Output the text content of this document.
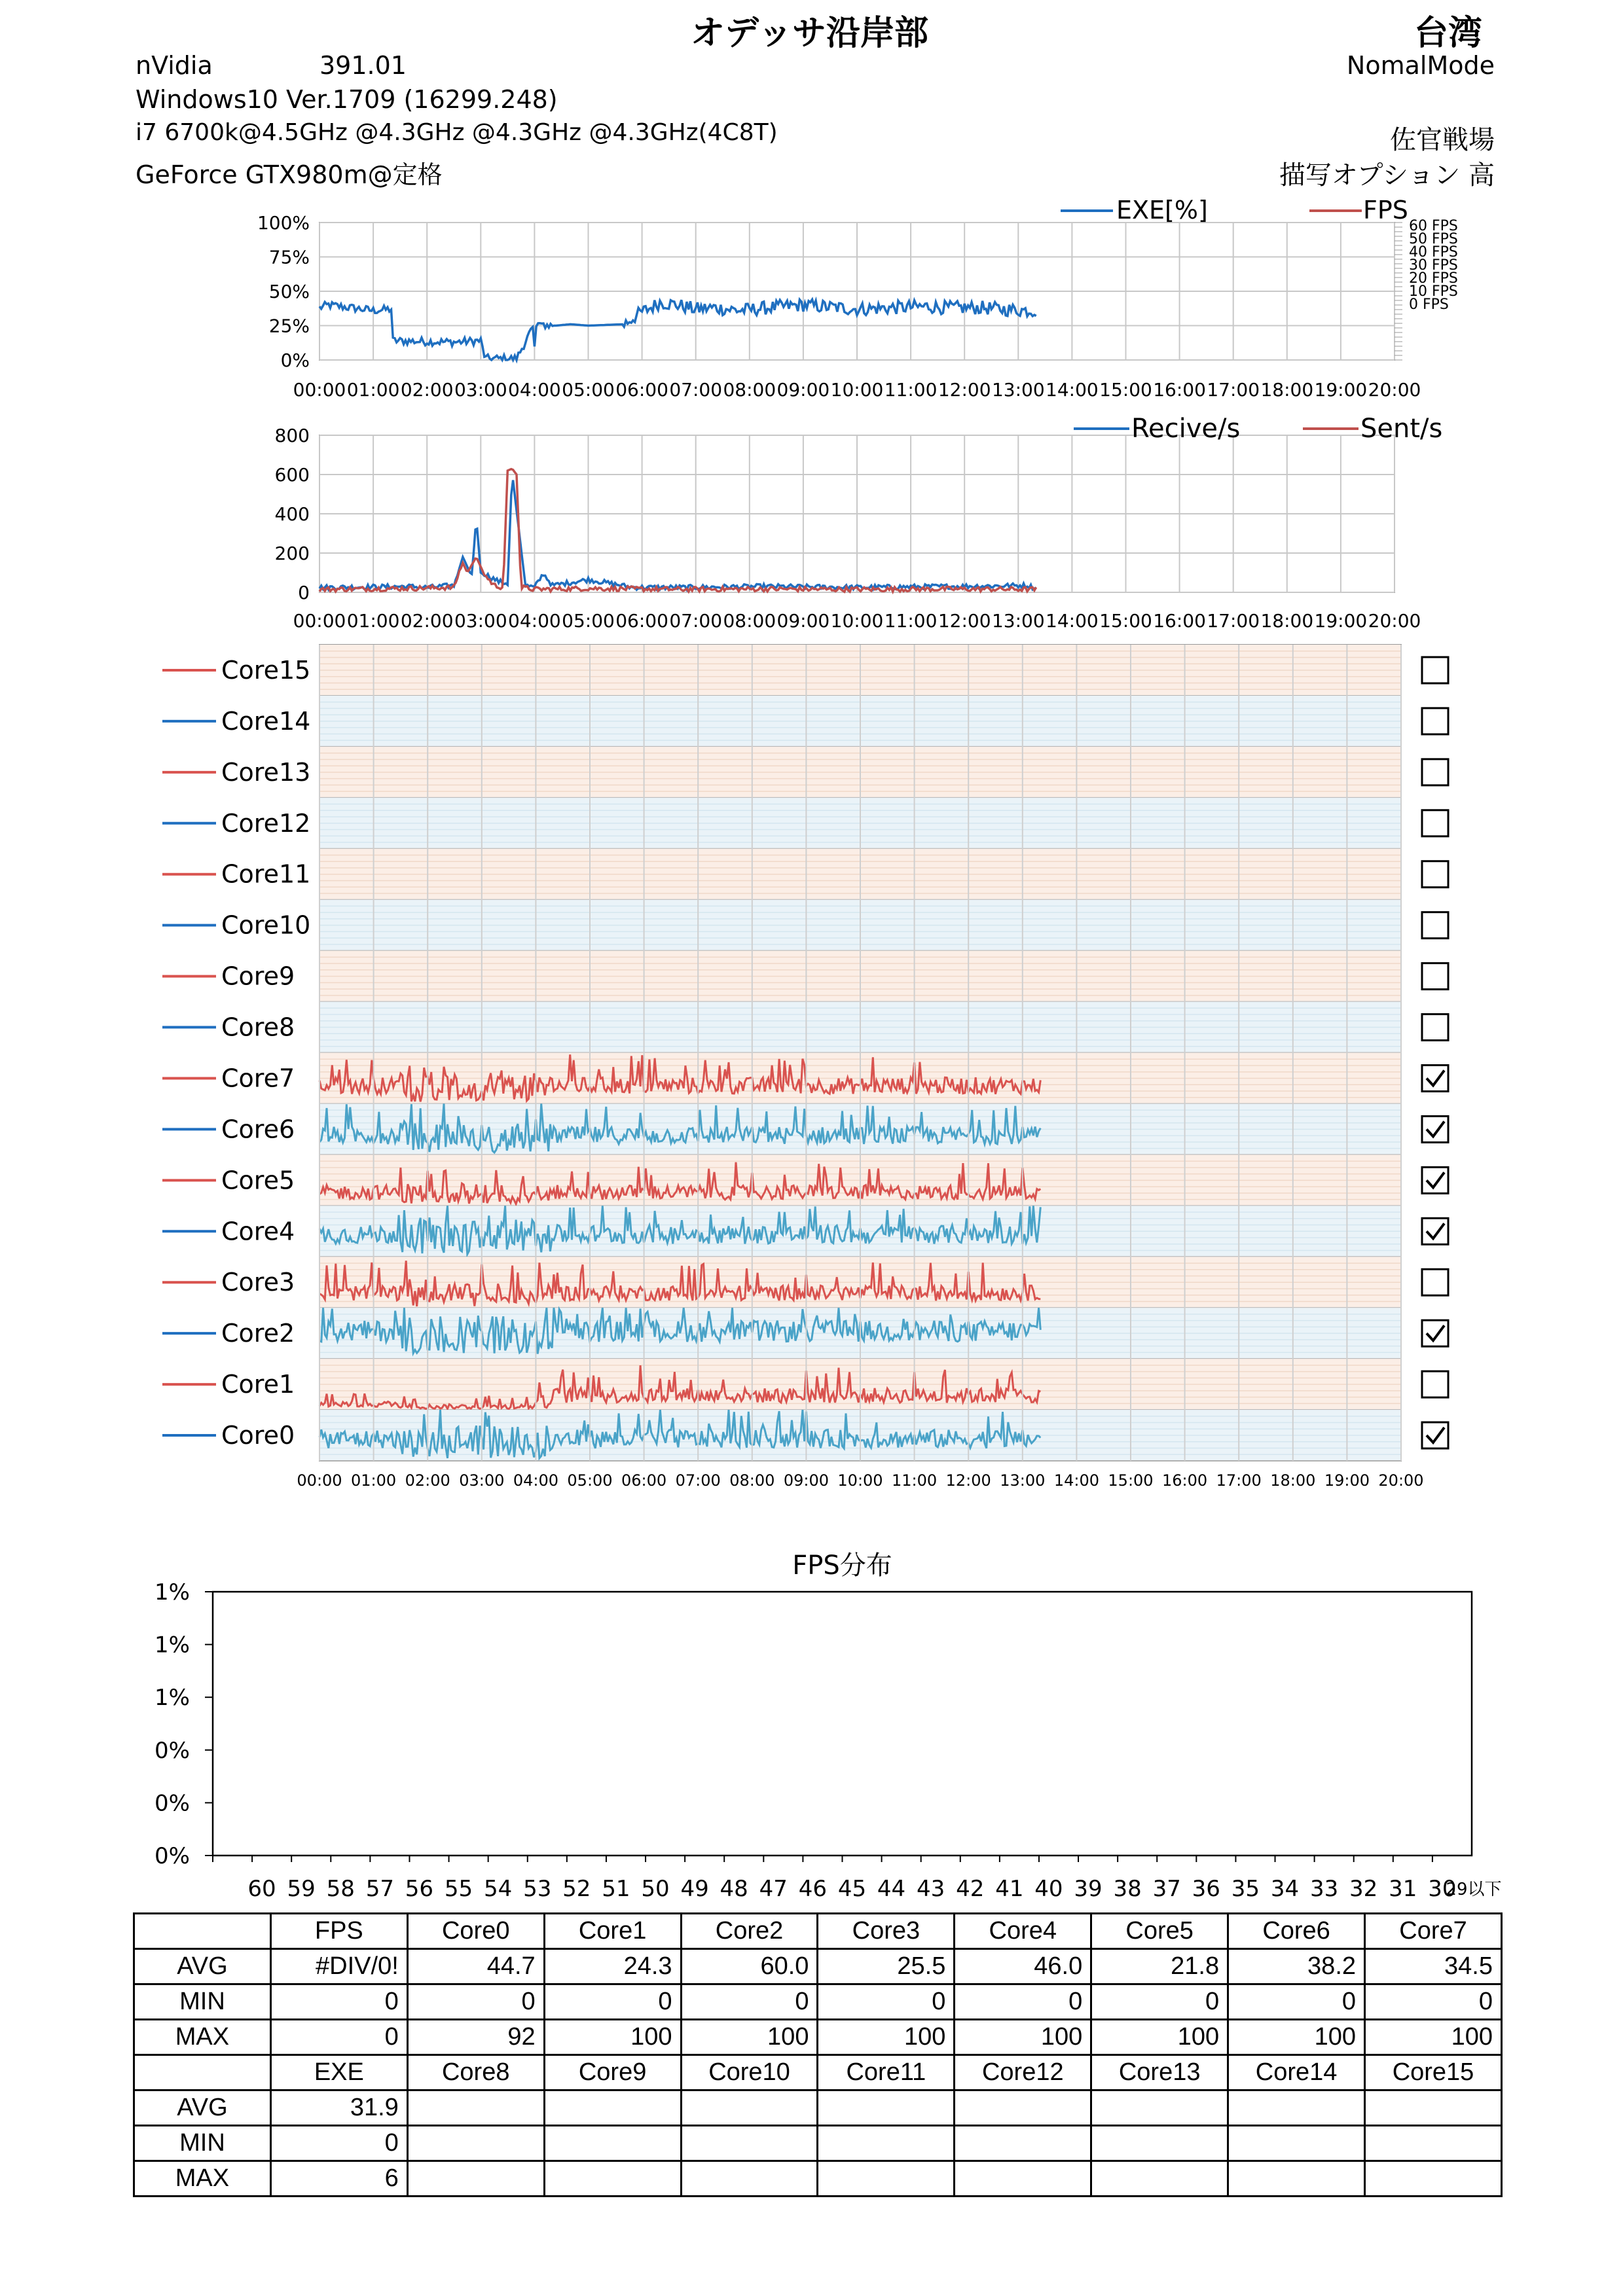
オデッサ沿岸部	台湾
nVidia	391.01	NomalMode
Windows10 Ver.1709 (16299.248)
i7 6700k@4.5GHz @4.3GHz @4.3GHz @4.3GHz(4C8T)	佐官戦場
GeForce GTX980m@定格	描写オプション 高
100%
75%
50%
25%
0%
60 FPS
50 FPS
40 FPS
30 FPS
20 FPS
10 FPS
0 FPS
00:00 01:00 02:00 03:00 04:00 05:00 06:00 07:00 08:00 09:00 10:00 11:00 12:00 13:00 14:00 15:00 16:00 17:00 18:00 19:00 20:00
EXE[%]	FPS
800
600
400
200
0
00:00 01:00 02:00 03:00 04:00 05:00 06:00 07:00 08:00 09:00 10:00 11:00 12:00 13:00 14:00 15:00 16:00 17:00 18:00 19:00 20:00
Recive/s	Sent/s
Core15
Core14
Core13
Core12
Core11
Core10
Core9
Core8
Core7
Core6
Core5
Core4
Core3
Core2
Core1
Core0
00:00 01:00 02:00 03:00 04:00 05:00 06:00 07:00 08:00 09:00 10:00 11:00 12:00 13:00 14:00 15:00 16:00 17:00 18:00 19:00 20:00
FPS分布
1%
1%
1%
0%
0%
0%
60 59 58 57 56 55 54 53 52 51 50 49 48 47 46 45 44 43 42 41 40 39 38 37 36 35 34 33 32 31 30
29以下
	FPS	Core0	Core1	Core2	Core3	Core4	Core5	Core6	Core7
AVG	#DIV/0!	44.7	24.3	60.0	25.5	46.0	21.8	38.2	34.5
MIN	0	0	0	0	0	0	0	0	0
MAX	0	92	100	100	100	100	100	100	100
	EXE	Core8	Core9	Core10	Core11	Core12	Core13	Core14	Core15
AVG	31.9								
MIN	0								
MAX	6								
